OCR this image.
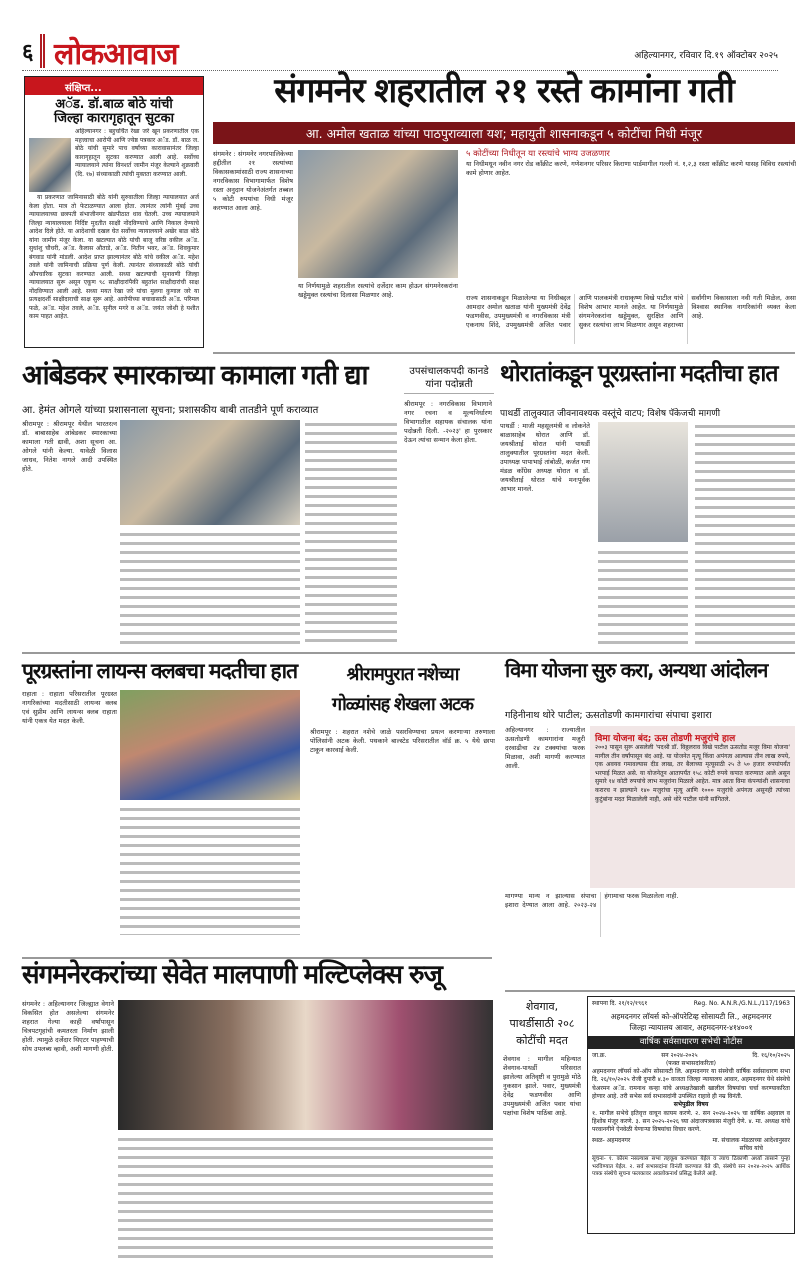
६ लोकआवाज	अहिल्यानगर, रविवार दि.१९ ऑक्टोबर २०२५
संक्षिप्त...
अॅड. डॉ.बाळ बोठे यांची
जिल्हा कारागृहातून सुटका

अहिल्यानगर : बहुचर्चित रेखा जरे खून प्रकरणातील एक महत्त्वाचा आरोपी आणि ज्येष्ठ पत्रकार अॅड. डॉ. बाळ ज. बोठे यांची सुमारे पाच वर्षांच्या कारावासानंतर जिल्हा कारागृहातून सुटका करण्यात आली आहे. सर्वोच्च न्यायालयाने त्यांना विनशर्त जामीन मंजूर केल्याने शुक्रवारी (दि. १७) संध्याकाळी त्यांची मुक्तता करण्यात आली.

या प्रकरणात जामिनासाठी बोठे यांनी सुरुवातीला जिल्हा न्यायालयात अर्ज केला होता. मात्र तो फेटाळण्यात आला होता. त्यानंतर त्यांनी मुंबई उच्च न्यायालयाच्या छत्रपती संभाजीनगर खंडपीठात धाव घेतली. उच्च न्यायालयाने जिल्हा न्यायालयाला निर्दिष्ट मुदतीत साक्षी नोंदविण्याचे आणि निकाल देण्याचे आदेश दिले होते. या आदेशाची दखल घेत सर्वोच्च न्यायालयाने अखेर बाळ बोठे यांना जामीन मंजूर केला. या खटल्यात बोठे यांची बाजू वरिष्ठ वकील अॅड. सुधांशु चौधरी, अॅड. कैलास औताडे, अॅड. नितीन भवर, अॅड. शिवकुमार बंगवाड यांनी मांडली. आदेश प्राप्त झाल्यानंतर बोठे यांचे वकील अॅड. महेश तवले यांनी जामिनाची प्रक्रिया पूर्ण केली. त्यानंतर संध्याकाळी बोठे यांची औपचारिक सुटका करण्यात आली. सध्या खटल्याची सुनावणी जिल्हा न्यायालयात सुरू असून एकूण ९८ साक्षीदारांपैकी बहुतांश साक्षीदारांची साक्ष नोंदविण्यात आली आहे. सध्या मयत रेखा जरे यांचा मुलगा कुणाल जरे या प्रत्यक्षदर्शी साक्षीदाराची साक्ष सुरू आहे. आरोपीच्या बचावासाठी अॅड. परिमल फळे, अॅड. महेश तवले, अॅड. सुनील मगरे व अॅड. जयंत जोशी हे यशीत काम पाहत आहेत.

संगमनेर शहरातील २१ रस्ते कामांना गती
आ. अमोल खताळ यांच्या पाठपुराव्याला यश; महायुती शासनाकडून ५ कोटींचा निधी मंजूर

संगमनेर : संगमनेर नगरपालिकेच्या हद्दीतील २१ रस्त्यांच्या विकासकामांसाठी राज्य शासनाच्या नगरविकास विभागामार्फत विशेष रस्ता अनुदान योजनेअंतर्गत तब्बल ५ कोटी रुपयांचा निधी मंजूर करण्यात आला आहे.

या निर्णयामुळे शहरातील रस्त्यांचे दर्जेदार काम होऊन संगमनेरकरांना खड्डेमुक्त रस्त्यांचा दिलासा मिळणार आहे.

५ कोटींच्या निधीतून या रस्त्यांचे भाग्य उजळणार

या निधीमधून नवीन नगर रोड कॉंक्रीट करणे, गणेशनगर परिसर किराणा पार्डमागील गल्ली नं. १,२,३ रस्ता कॉंक्रीट करणे यासह विविध रस्त्यांची कामे होणार आहेत.

राज्य शासनाकडून मिळालेल्या या निधीबद्दल आमदार अमोल खताळ यांनी मुख्यमंत्री देवेंद्र फडणवीस, उपमुख्यमंत्री व नगरविकास मंत्री एकनाथ शिंदे, उपमुख्यमंत्री अजित पवार आणि पालकमंत्री राधाकृष्ण विखे पाटील यांचे विशेष आभार मानले आहेत. या निर्णयामुळे संगमनेरकरांना खड्डेमुक्त, सुरक्षित आणि सुकर रस्त्यांचा लाभ मिळणार असून शहराच्या सर्वांगीण विकासाला नवी गती मिळेल, असा विश्वास स्थानिक नागरिकांनी व्यक्त केला आहे.

आंबेडकर स्मारकाच्या कामाला गती द्या
आ. हेमंत ओगले यांच्या प्रशासनाला सूचना; प्रशासकीय बाबी तातडीने पूर्ण कराव्यात

श्रीरामपूर : श्रीरामपूर येथील भारतरत्न डॉ. बाबासाहेब आंबेडकर स्मारकाच्या कामाला गती द्यावी, अशा सूचना आ. ओगले यांनी केल्या. यावेळी विलास जाधव, नितेश नागले आदी उपस्थित होते.

उपसंचालकपदी कानडे यांना पदोन्नती

श्रीरामपूर : नगरविकास विभागाने नगर रचना व मूल्यनिर्धारण विभागातील सहायक संचालक यांना पदोन्नती दिली. -२०२३' हा पुरस्कार देऊन त्यांचा सन्मान केला होता.

थोरातांकडून पूरग्रस्तांना मदतीचा हात
पाथर्डी तालुक्यात जीवनावश्यक वस्तूंचे वाटप; विशेष पॅकेजची मागणी

पाथर्डी : माजी महसूलमंत्री व लोकनेते बाळासाहेब थोरात आणि डॉ. जयश्रीताई थोरात यांनी पाथर्डी तालुक्यातील पूरग्रस्तांना मदत केली. उपाध्यक्ष पापाभाई तांबोळी, कर्जत गण मंडळ काँग्रेस अध्यक्ष थोरात व डॉ. जयश्रीताई थोरात यांचे मनःपूर्वक आभार मानले.

पूरग्रस्तांना लायन्स क्लबचा मदतीचा हात

राहाता : राहाता परिसरातील पूरग्रस्त नागरिकांच्या मदतीसाठी लायन्स क्लब एवं सुप्रीम आणि लायन्स क्लब राहाता यांनी एकत्र येत मदत केली.

श्रीरामपुरात नशेच्या
गोळ्यांसह शेखला अटक

श्रीरामपूर : शहरात नशेचे जाळे पसरविण्याचा प्रयत्न करणाऱ्या तरुणाला पोलिसांनी अटक केली. पथकाने बाल्स्टेड परिसरातील वॉर्ड क्र. ५ येथे छापा टाकून कारवाई केली.

विमा योजना सुरु करा, अन्यथा आंदोलन
गहिनीनाथ थोरे पाटील; ऊसतोडणी कामगारांचा संपाचा इशारा

अहिल्यानगर : राज्यातील ऊसतोडणी कामगारांना मजुरी दरवाढीचा २४ टक्क्यांचा फरक मिळावा, अशी मागणी करण्यात आली.

विमा योजना बंद; ऊस तोडणी मजुरांचे हाल

२००३ पासून सुरू असलेली 'पदश्री डॉ. विठ्ठलराव विखे पाटील ऊसतोड मजूर विमा योजना' मागील तीन वर्षांपासून बंद आहे. या योजनेत मृत्यू किंवा अपंगत्व आल्यास तीन लाख रुपये, एक अवयव गमावल्यास दीड लाख, तर बैलाच्या मृत्यूसाठी २५ ते ५० हजार रुपयांपर्यंत भरपाई मिळत असे. या योजनेतून आतापर्यंत १५८ कोटी रुपये कपात करण्यात आले असून सुमारे १४ कोटी रुपयांचे लाभ मजुरांना मिळाले आहेत. मात्र आता विमा कंपन्यांशी शासनाचा करारच न झाल्याने १४० मजुरांचा मृत्यू आणि १००० मजुरांचे अपंगत्व असूनही त्यांच्या कुटुंबांना मदत मिळालेली नाही, असे थोरे पाटील यांनी सांगितले.

मागण्या मान्य न झाल्यास संपाचा इशारा देण्यात आला आहे. २०२३-२४ हंगामाचा फरक मिळालेला नाही.

संगमनेरकरांच्या सेवेत मालपाणी मल्टिप्लेक्स रुजू

संगमनेर : अहिल्यानगर जिल्ह्यात वेगाने विकसित होत असलेल्या संगमनेर शहरात गेल्या काही वर्षांपासून चित्रपटगृहांची कमतरता निर्माण झाली होती. त्यामुळे दर्जेदार थिएटर पाहण्याची सोय उपलब्ध व्हावी, अशी मागणी होती.

शेवगाव,
पाथर्डीसाठी २०८
कोटींची मदत

शेवगाव : मागील महिन्यात शेवगाव-पाथर्डी परिसरात झालेल्या अतिवृष्टी व पुरामुळे मोठे नुकसान झाले. पवार, मुख्यमंत्री देवेंद्र फडणवीस आणि उपमुख्यमंत्री अजित पवार यांचा पक्षांचा विशेष पाठिंबा आहे.

स्थापना दि. २१/१२/१९६१	Reg. No. A.N.R./G.N.L./117/1963
अहमदनगर लॉयर्स को-ऑपरेटिव्ह सोसायटी लि., अहमदनगर
जिल्हा न्यायालय आवार, अहमदनगर-४१४००१
वार्षिक सर्वसाधारण सभेची नोटीस
जा.क्र.	सन २०२४-२०२५	दि. १६/१०/२०२५
(फक्त सभासदांकरिता)

अहमदनगर लॉयर्स को-ऑप सोसायटी लि. अहमदनगर या संस्थेची वार्षिक सर्वसाधारण सभा दि. २६/१०/२०२५ रोजी दुपारी ४.३० वाजता जिल्हा न्यायालय आवार, अहमदनगर येथे संस्थेचे चेअरमन अॅड. रामनाथ कन्हा यांचे अध्यक्षतेखाली खालील विषयांचा चर्चा करण्याकरिता होणार आहे. तरी सभेस सर्व सभासदांनी उपस्थित राहावे ही नम्र विनंती.

सभेपुढील विषय

१. मागील सभेचे इतिवृत्त वाचून कायम करणे. २. सन २०२४-२०२५ चा वार्षिक अहवाल व हिशोब मंजूर करणे. ३. सन २०२५-२०२६ च्या अंदाजपत्रकास मंजुरी देणे. ४. मा. अध्यक्ष यांचे परवानगीने ऐनवेळी येणाऱ्या विषयांचा विचार करणे.

स्थळ- अहमदनगर	मा. संचालक मंडळाच्या आदेशानुसार
सचिव यांचे

सूचना- १. कोरम नसल्यास सभा तहकूब करण्यात येईल व त्याच ठिकाणी अर्ध्या तासाने पुन्हा भरविण्यात येईल. २. सर्व सभासदांना विनंती करण्यात येते की, संस्थेचे सन २०२४-२०२५ आर्थिक पत्रक संस्थेचे सूचना फलकावर अवलोकनार्थ प्रसिद्ध केलेले आहे.
